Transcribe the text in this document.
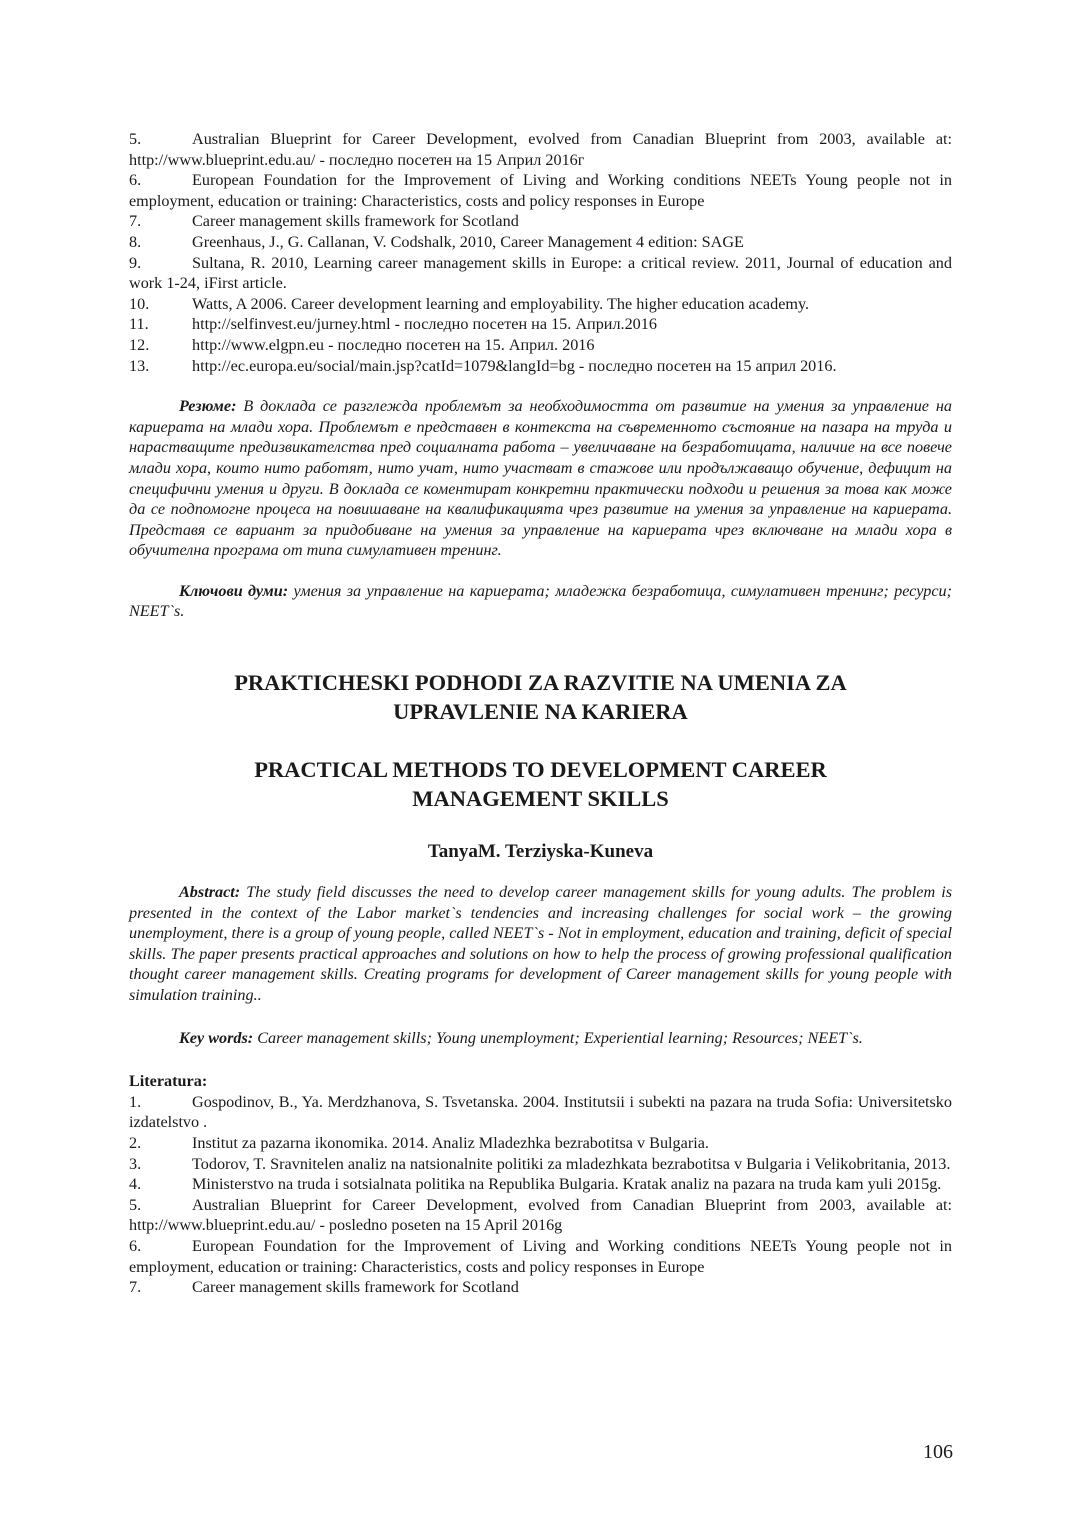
5.	Australian Blueprint for Career Development, evolved from Canadian Blueprint from 2003, available at: http://www.blueprint.edu.au/ - последно посетен на 15 Април 2016г

6.	European Foundation for the Improvement of Living and Working conditions NEETs Young people not in employment, education or training: Characteristics, costs and policy responses in Europe

7.	Career management skills framework for Scotland

8.	Greenhaus, J., G. Callanan, V. Codshalk, 2010, Career Management 4 edition: SAGE

9.	Sultana, R. 2010, Learning career management skills in Europe: a critical review. 2011, Journal of education and work 1-24, iFirst article.

10.	Watts, A 2006. Career development learning and employability. The higher education academy.

11.	http://selfinvest.eu/jurney.html - последно посетен на 15. Април.2016

12.	http://www.elgpn.eu - последно посетен на 15. Април. 2016

13.	http://ec.europa.eu/social/main.jsp?catId=1079&langId=bg - последно посетен на 15 април 2016.

Резюме: В доклада се разглежда проблемът за необходимостта от развитие на умения за управление на кариерата на млади хора. Проблемът е представен в контекста на съвременното състояние на пазара на труда и нарастващите предизвикателства пред социалната работа – увеличаване на безработицата, наличие на все повече млади хора, които нито работят, нито учат, нито участват в стажове или продължаващо обучение, дефицит на специфични умения и други. В доклада се коментират конкретни практически подходи и решения за това как може да се подпомогне процеса на повишаване на квалификацията чрез развитие на умения за управление на кариерата. Представя се вариант за придобиване на умения за управление на кариерата чрез включване на млади хора в обучителна програма от типа симулативен тренинг.

Ключови думи: умения за управление на кариерата; младежка безработица, симулативен тренинг; ресурси; NEET`s.

PRAKTICHESKI PODHODI ZA RAZVITIE NA UMENIA ZA UPRAVLENIE NA KARIERA
PRACTICAL METHODS TO DEVELOPMENT CAREER MANAGEMENT SKILLS
TanyaM. Terziyska-Kuneva

Abstract: The study field discusses the need to develop career management skills for young adults. The problem is presented in the context of the Labor market`s tendencies and increasing challenges for social work – the growing unemployment, there is a group of young people, called NEET`s - Not in employment, education and training, deficit of special skills. The paper presents practical approaches and solutions on how to help the process of growing professional qualification thought career management skills. Creating programs for development of Career management skills for young people with simulation training..

Key words: Career management skills; Young unemployment; Experiential learning; Resources; NEET`s.

Literatura:

1.	Gospodinov, B., Ya. Merdzhanova, S. Tsvetanska. 2004. Institutsii i subekti na pazara na truda Sofia: Universitetsko izdatelstvo .

2.	Institut za pazarna ikonomika. 2014. Analiz Mladezhka bezrabotitsa v Bulgaria.

3.	Todorov, T. Sravnitelen analiz na natsionalnite politiki za mladezhkata bezrabotitsa v Bulgaria i Velikobritania, 2013.

4.	Ministerstvo na truda i sotsialnata politika na Republika Bulgaria. Kratak analiz na pazara na truda kam yuli 2015g.

5.	Australian Blueprint for Career Development, evolved from Canadian Blueprint from 2003, available at: http://www.blueprint.edu.au/ - posledno poseten na 15 April 2016g

6.	European Foundation for the Improvement of Living and Working conditions NEETs Young people not in employment, education or training: Characteristics, costs and policy responses in Europe

7.	Career management skills framework for Scotland

106
